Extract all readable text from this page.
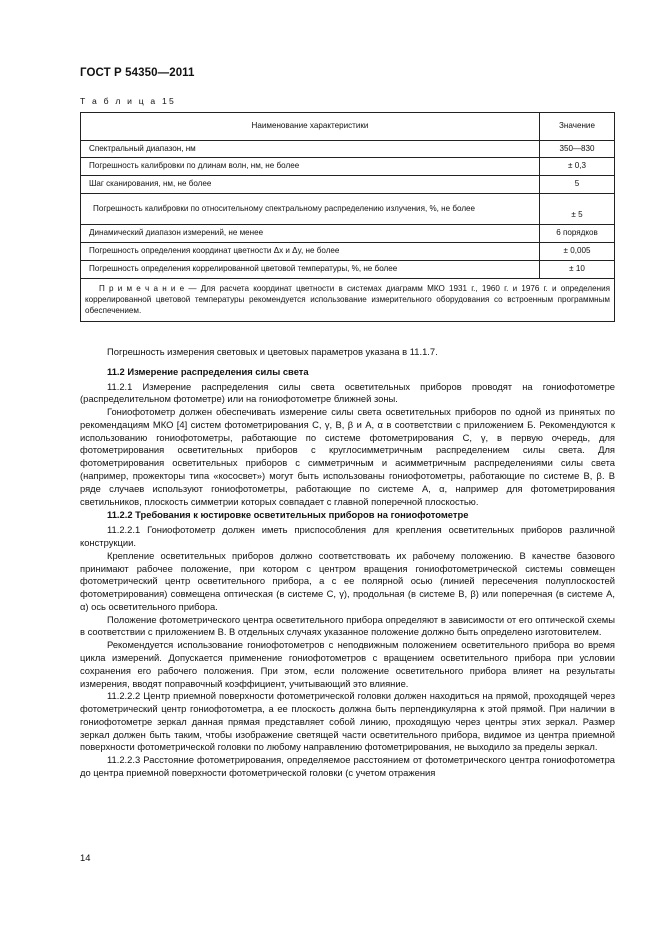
ГОСТ Р 54350—2011
Т а б л и ц а 15
Наименование характеристики	Значение
Спектральный диапазон, нм	350—830
Погрешность калибровки по длинам волн, нм, не более	± 0,3
Шаг сканирования, нм, не более	5
Погрешность калибровки по относительному спектральному распределению излучения, %, не более	± 5
Динамический диапазон измерений, не менее	6 порядков
Погрешность определения координат цветности Δx и Δy, не более	± 0,005
Погрешность определения коррелированной цветовой температуры, %, не более	± 10
П р и м е ч а н и е — Для расчета координат цветности в системах диаграмм МКО 1931 г., 1960 г. и 1976 г. и определения коррелированной цветовой температуры рекомендуется использование измерительного оборудования со встроенным программным обеспечением.	

Погрешность измерения световых и цветовых параметров указана в 11.1.7.

11.2 Измерение распределения силы света

11.2.1 Измерение распределения силы света осветительных приборов проводят на гониофотометре (распределительном фотометре) или на гониофотометре ближней зоны.

Гониофотометр должен обеспечивать измерение силы света осветительных приборов по одной из принятых по рекомендациям МКО [4] систем фотометрирования C, γ, B, β и A, α в соответствии с приложением Б. Рекомендуются к использованию гониофотометры, работающие по системе фотометрирования C, γ, в первую очередь, для фотометрирования осветительных приборов с круглосимметричным распределением силы света. Для фотометрирования осветительных приборов с симметричным и асимметричным распределениями силы света (например, прожекторы типа «кососвет») могут быть использованы гониофотометры, работающие по системе B, β. В ряде случаев используют гониофотометры, работающие по системе A, α, например для фотометрирования светильников, плоскость симметрии которых совпадает с главной поперечной плоскостью.

11.2.2 Требования к юстировке осветительных приборов на гониофотометре

11.2.2.1 Гониофотометр должен иметь приспособления для крепления осветительных приборов различной конструкции.

Крепление осветительных приборов должно соответствовать их рабочему положению. В качестве базового принимают рабочее положение, при котором с центром вращения гониофотометрической системы совмещен фотометрический центр осветительного прибора, а с ее полярной осью (линией пересечения полуплоскостей фотометрирования) совмещена оптическая (в системе C, γ), продольная (в системе B, β) или поперечная (в системе A, α) ось осветительного прибора.

Положение фотометрического центра осветительного прибора определяют в зависимости от его оптической схемы в соответствии с приложением В. В отдельных случаях указанное положение должно быть определено изготовителем.

Рекомендуется использование гониофотометров с неподвижным положением осветительного прибора во время цикла измерений. Допускается применение гониофотометров с вращением осветительного прибора при условии сохранения его рабочего положения. При этом, если положение осветительного прибора влияет на результаты измерения, вводят поправочный коэффициент, учитывающий это влияние.

11.2.2.2 Центр приемной поверхности фотометрической головки должен находиться на прямой, проходящей через фотометрический центр гониофотометра, а ее плоскость должна быть перпендикулярна к этой прямой. При наличии в гониофотометре зеркал данная прямая представляет собой линию, проходящую через центры этих зеркал. Размер зеркал должен быть таким, чтобы изображение светящей части осветительного прибора, видимое из центра приемной поверхности фотометрической головки по любому направлению фотометрирования, не выходило за пределы зеркал.

11.2.2.3 Расстояние фотометрирования, определяемое расстоянием от фотометрического центра гониофотометра до центра приемной поверхности фотометрической головки (с учетом отражения

14
